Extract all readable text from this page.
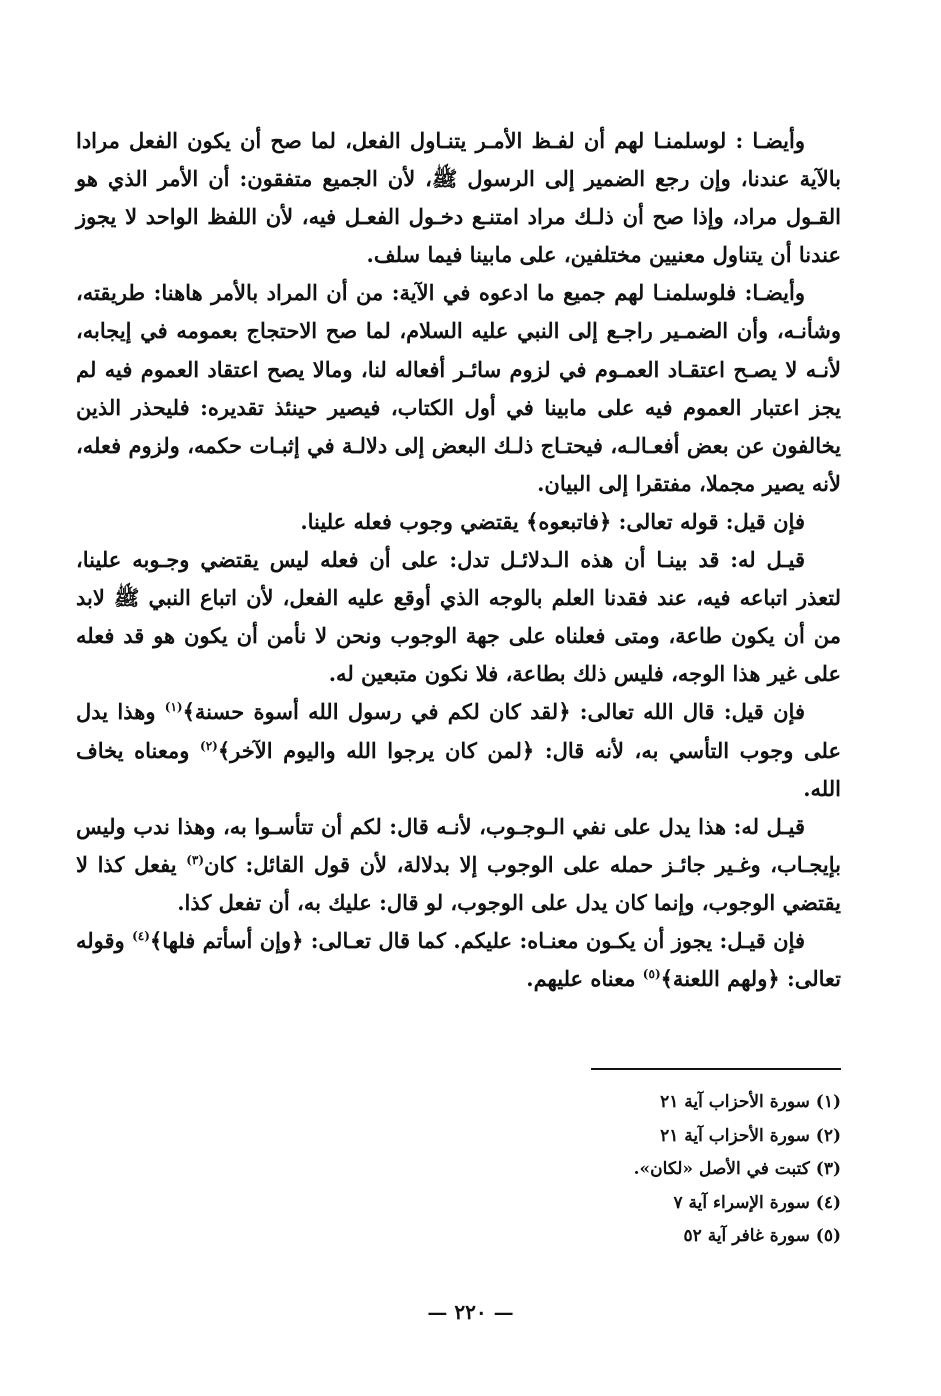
وأيضـا : لوسلمنـا لهم أن لفـظ الأمـر يتنـاول الفعل، لما صح أن يكون الفعل مرادا بالآية عندنا، وإن رجع الضمير إلى الرسول ﷺ، لأن الجميع متفقون: أن الأمر الذي هو القـول مراد، وإذا صح أن ذلـك مراد امتنـع دخـول الفعـل فيه، لأن اللفظ الواحد لا يجوز عندنا أن يتناول معنيين مختلفين، على مابينا فيما سلف.

وأيضـا: فلوسلمنـا لهم جميع ما ادعوه في الآية: من أن المراد بالأمر هاهنا: طريقته، وشأنـه، وأن الضمـير راجـع إلى النبي عليه السلام، لما صح الاحتجاج بعمومه في إيجابه، لأنـه لا يصـح اعتقـاد العمـوم في لزوم سائـر أفعاله لنا، ومالا يصح اعتقاد العموم فيه لم يجز اعتبار العموم فيه على مابينا في أول الكتاب، فيصير حينئذ تقديره: فليحذر الذين يخالفون عن بعض أفعـالـه، فيحتـاج ذلـك البعض إلى دلالـة في إثبـات حكمه، ولزوم فعله، لأنه يصير مجملا، مفتقرا إلى البيان.

فإن قيل: قوله تعالى: ﴿فاتبعوه﴾ يقتضي وجوب فعله علينا.

قيـل له: قد بينـا أن هذه الـدلائـل تدل: على أن فعله ليس يقتضي وجـوبه علينا، لتعذر اتباعه فيه، عند فقدنا العلم بالوجه الذي أوقع عليه الفعل، لأن اتباع النبي ﷺ لابد من أن يكون طاعة، ومتى فعلناه على جهة الوجوب ونحن لا نأمن أن يكون هو قد فعله على غير هذا الوجه، فليس ذلك بطاعة، فلا نكون متبعين له.

فإن قيل: قال الله تعالى: ﴿لقد كان لكم في رسول الله أسوة حسنة﴾$^{(١)}$ وهذا يدل على وجوب التأسي به، لأنه قال: ﴿لمن كان يرجوا الله واليوم الآخر﴾$^{(٢)}$ ومعناه يخاف الله.

قيـل له: هذا يدل على نفي الـوجـوب، لأنـه قال: لكم أن تتأسـوا به، وهذا ندب وليس بإيجـاب، وغـير جائـز حمله على الوجوب إلا بدلالة، لأن قول القائل: كان$^{(٣)}$ يفعل كذا لا يقتضي الوجوب، وإنما كان يدل على الوجوب، لو قال: عليك به، أن تفعل كذا.

فإن قيـل: يجوز أن يكـون معنـاه: عليكم. كما قال تعـالى: ﴿وإن أسأتم فلها﴾$^{(٤)}$ وقوله تعالى: ﴿ولهم اللعنة﴾$^{(٥)}$ معناه عليهم.

(١) سورة الأحزاب آية ٢١
(٢) سورة الأحزاب آية ٢١
(٣) كتبت في الأصل «لكان».
(٤) سورة الإسراء آية ٧
(٥) سورة غافر آية ٥٢
— ٢٢٠ —
